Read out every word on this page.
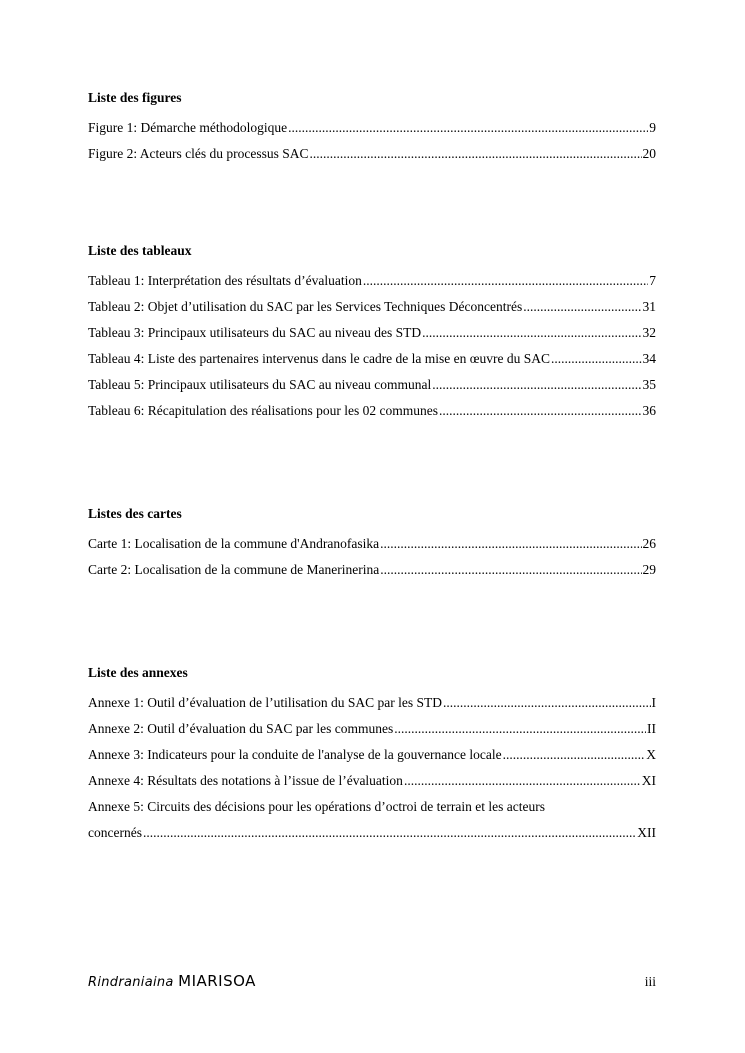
Liste des figures
Figure 1: Démarche méthodologique .....	9
Figure 2: Acteurs clés du processus SAC .....	20
Liste des tableaux
Tableau 1: Interprétation des résultats d’évaluation .....	7
Tableau 2: Objet d’utilisation du SAC par les Services Techniques Déconcentrés .....	31
Tableau 3: Principaux utilisateurs du SAC au niveau des STD .....	32
Tableau 4: Liste des partenaires intervenus dans le cadre de la mise en œuvre du SAC .....	34
Tableau 5: Principaux utilisateurs du SAC au niveau communal .....	35
Tableau 6: Récapitulation des réalisations pour les 02 communes .....	36
Listes des cartes
Carte 1: Localisation de la commune d'Andranofasika .....	26
Carte 2: Localisation de la commune de Manerinerina .....	29
Liste des annexes
Annexe 1: Outil d’évaluation de l’utilisation du SAC par les STD .....	I
Annexe 2: Outil d’évaluation du SAC par les communes .....	II
Annexe 3: Indicateurs pour la conduite de l'analyse de la gouvernance locale .....	X
Annexe 4: Résultats des notations à l’issue de l’évaluation .....	XI
Annexe 5: Circuits des décisions pour les opérations d’octroi de terrain et les acteurs
concernés .....	XII
Rindraniaina MIARISOA	iii
